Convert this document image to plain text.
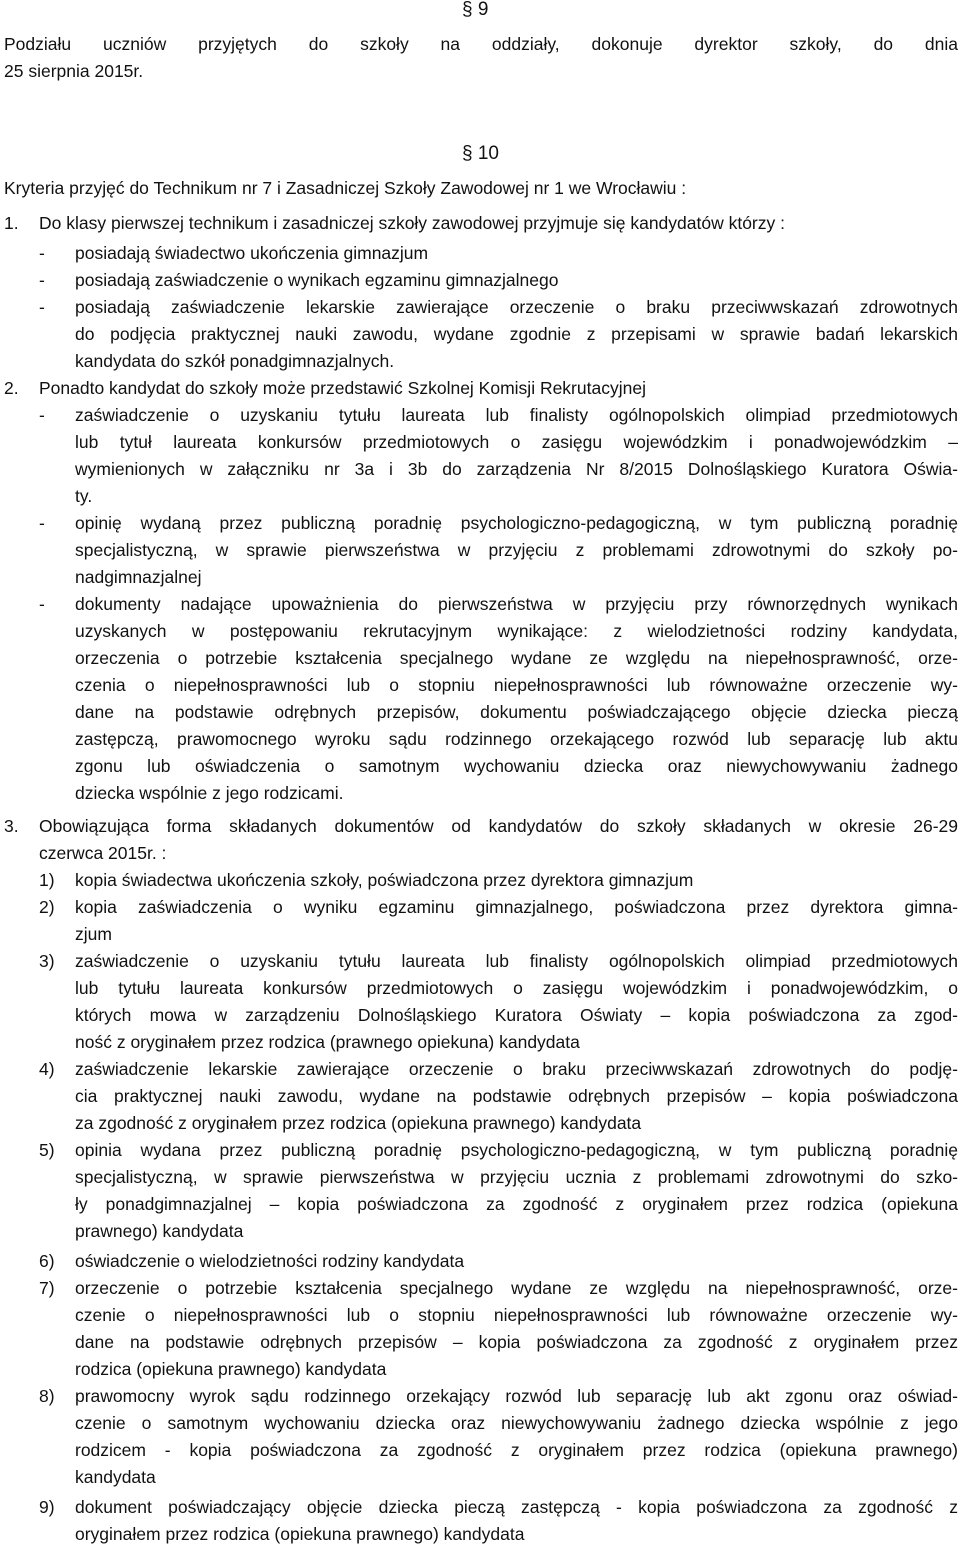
§ 9
Podziału uczniów przyjętych do szkoły na oddziały, dokonuje dyrektor szkoły, do dnia
25 sierpnia 2015r.
§ 10
Kryteria przyjęć do Technikum nr 7 i Zasadniczej Szkoły Zawodowej nr 1 we Wrocławiu :
1. Do klasy pierwszej technikum i zasadniczej szkoły zawodowej przyjmuje się kandydatów którzy :
- posiadają świadectwo ukończenia gimnazjum
- posiadają zaświadczenie o wynikach egzaminu gimnazjalnego
- posiadają zaświadczenie lekarskie zawierające orzeczenie o braku przeciwwskazań zdrowotnych
do podjęcia praktycznej nauki zawodu, wydane zgodnie z przepisami w sprawie badań lekarskich
kandydata do szkół ponadgimnazjalnych.
2. Ponadto kandydat do szkoły może przedstawić Szkolnej Komisji Rekrutacyjnej
- zaświadczenie o uzyskaniu tytułu laureata lub finalisty ogólnopolskich olimpiad przedmiotowych
lub tytuł laureata konkursów przedmiotowych o zasięgu wojewódzkim i ponadwojewódzkim –
wymienionych w załączniku nr 3a i 3b do zarządzenia Nr 8/2015 Dolnośląskiego Kuratora Oświa-
ty.
- opinię wydaną przez publiczną poradnię psychologiczno-pedagogiczną, w tym publiczną poradnię
specjalistyczną, w sprawie pierwszeństwa w przyjęciu z problemami zdrowotnymi do szkoły po-
nadgimnazjalnej
- dokumenty nadające upoważnienia do pierwszeństwa w przyjęciu przy równorzędnych wynikach
uzyskanych w postępowaniu rekrutacyjnym wynikające: z wielodzietności rodziny kandydata,
orzeczenia o potrzebie kształcenia specjalnego wydane ze względu na niepełnosprawność, orze-
czenia o niepełnosprawności lub o stopniu niepełnosprawności lub równoważne orzeczenie wy-
dane na podstawie odrębnych przepisów, dokumentu poświadczającego objęcie dziecka pieczą
zastępczą, prawomocnego wyroku sądu rodzinnego orzekającego rozwód lub separację lub aktu
zgonu lub oświadczenia o samotnym wychowaniu dziecka oraz niewychowywaniu żadnego
dziecka wspólnie z jego rodzicami.
3. Obowiązująca forma składanych dokumentów od kandydatów do szkoły składanych w okresie 26-29
czerwca 2015r. :
1) kopia świadectwa ukończenia szkoły, poświadczona przez dyrektora gimnazjum
2) kopia zaświadczenia o wyniku egzaminu gimnazjalnego, poświadczona przez dyrektora gimna-
zjum
3) zaświadczenie o uzyskaniu tytułu laureata lub finalisty ogólnopolskich olimpiad przedmiotowych
lub tytułu laureata konkursów przedmiotowych o zasięgu wojewódzkim i ponadwojewódzkim, o
których mowa w zarządzeniu Dolnośląskiego Kuratora Oświaty – kopia poświadczona za zgod-
ność z oryginałem przez rodzica (prawnego opiekuna) kandydata
4) zaświadczenie lekarskie zawierające orzeczenie o braku przeciwwskazań zdrowotnych do podję-
cia praktycznej nauki zawodu, wydane na podstawie odrębnych przepisów – kopia poświadczona
za zgodność z oryginałem przez rodzica (opiekuna prawnego) kandydata
5) opinia wydana przez publiczną poradnię psychologiczno-pedagogiczną, w tym publiczną poradnię
specjalistyczną, w sprawie pierwszeństwa w przyjęciu ucznia z problemami zdrowotnymi do szko-
ły ponadgimnazjalnej – kopia poświadczona za zgodność z oryginałem przez rodzica (opiekuna
prawnego) kandydata
6) oświadczenie o wielodzietności rodziny kandydata
7) orzeczenie o potrzebie kształcenia specjalnego wydane ze względu na niepełnosprawność, orze-
czenie o niepełnosprawności lub o stopniu niepełnosprawności lub równoważne orzeczenie wy-
dane na podstawie odrębnych przepisów – kopia poświadczona za zgodność z oryginałem przez
rodzica (opiekuna prawnego) kandydata
8) prawomocny wyrok sądu rodzinnego orzekający rozwód lub separację lub akt zgonu oraz oświad-
czenie o samotnym wychowaniu dziecka oraz niewychowywaniu żadnego dziecka wspólnie z jego
rodzicem - kopia poświadczona za zgodność z oryginałem przez rodzica (opiekuna prawnego)
kandydata
9) dokument poświadczający objęcie dziecka pieczą zastępczą - kopia poświadczona za zgodność z
oryginałem przez rodzica (opiekuna prawnego) kandydata
